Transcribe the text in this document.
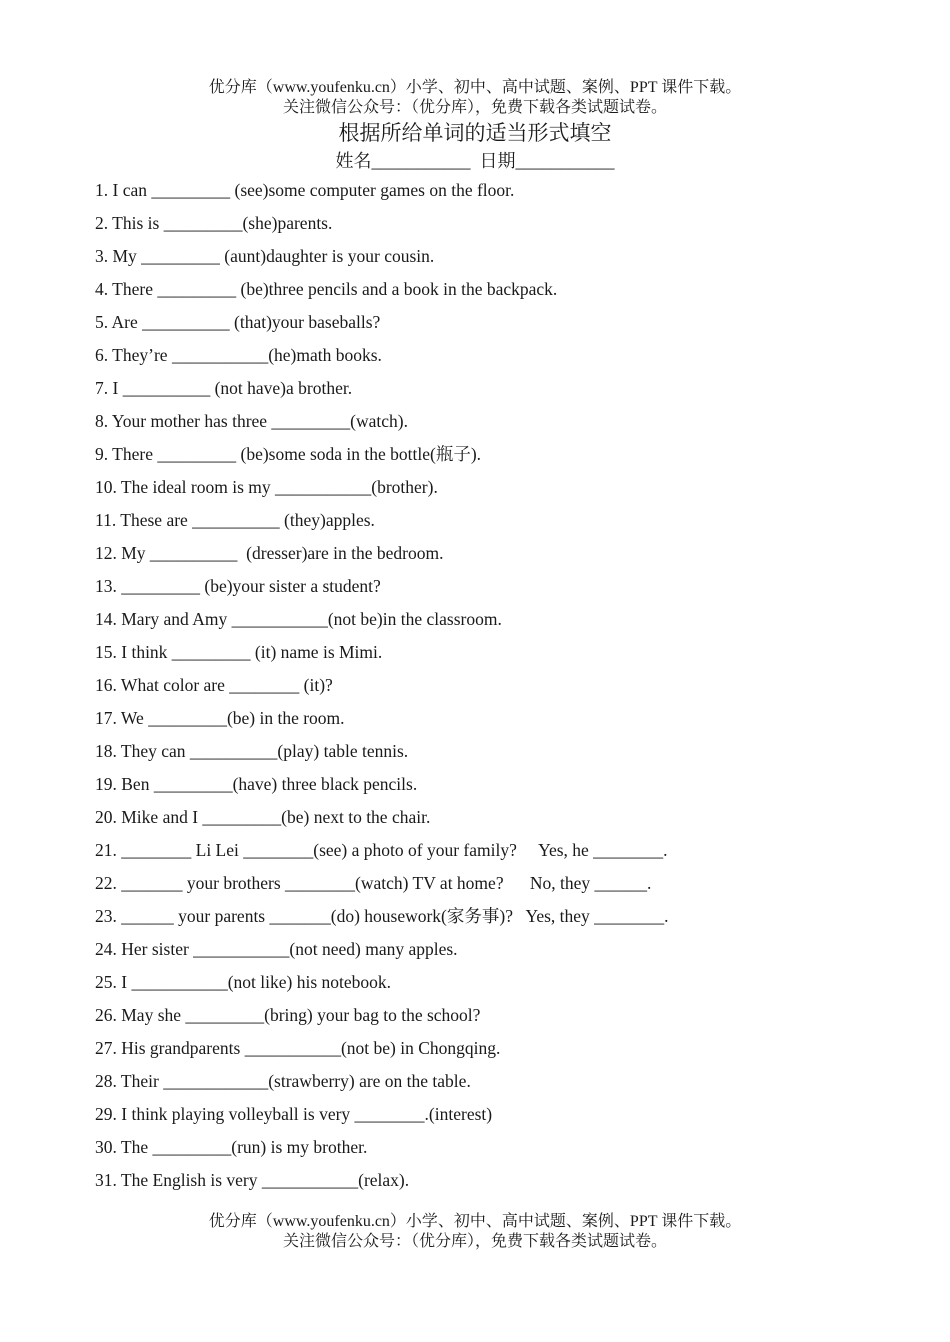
优分库（www.youfenku.cn）小学、初中、高中试题、案例、PPT 课件下载。
关注微信公众号：（优分库），免费下载各类试题试卷。
根据所给单词的适当形式填空
姓名___________  日期___________
1. I can _________ (see)some computer games on the floor.
2. This is _________(she)parents.
3. My _________ (aunt)daughter is your cousin.
4. There _________ (be)three pencils and a book in the backpack.
5. Are __________ (that)your baseballs?
6. They’re ___________(he)math books.
7. I __________ (not have)a brother.
8. Your mother has three _________(watch).
9. There _________ (be)some soda in the bottle(瓶子).
10. The ideal room is my ___________(brother).
11. These are __________ (they)apples.
12. My __________  (dresser)are in the bedroom.
13. _________ (be)your sister a student?
14. Mary and Amy ___________(not be)in the classroom.
15. I think _________ (it) name is Mimi.
16. What color are ________ (it)?
17. We _________(be) in the room.
18. They can __________(play) table tennis.
19. Ben _________(have) three black pencils.
20. Mike and I _________(be) next to the chair.
21. ________ Li Lei ________(see) a photo of your family?     Yes, he ________.
22. _______ your brothers ________(watch) TV at home?      No, they ______.
23. ______ your parents _______(do) housework(家务事)?   Yes, they ________.
24. Her sister ___________(not need) many apples.
25. I ___________(not like) his notebook.
26. May she _________(bring) your bag to the school?
27. His grandparents ___________(not be) in Chongqing.
28. Their ____________(strawberry) are on the table.
29. I think playing volleyball is very ________.(interest)
30. The _________(run) is my brother.
31. The English is very ___________(relax).
优分库（www.youfenku.cn）小学、初中、高中试题、案例、PPT 课件下载。
关注微信公众号：（优分库），免费下载各类试题试卷。
